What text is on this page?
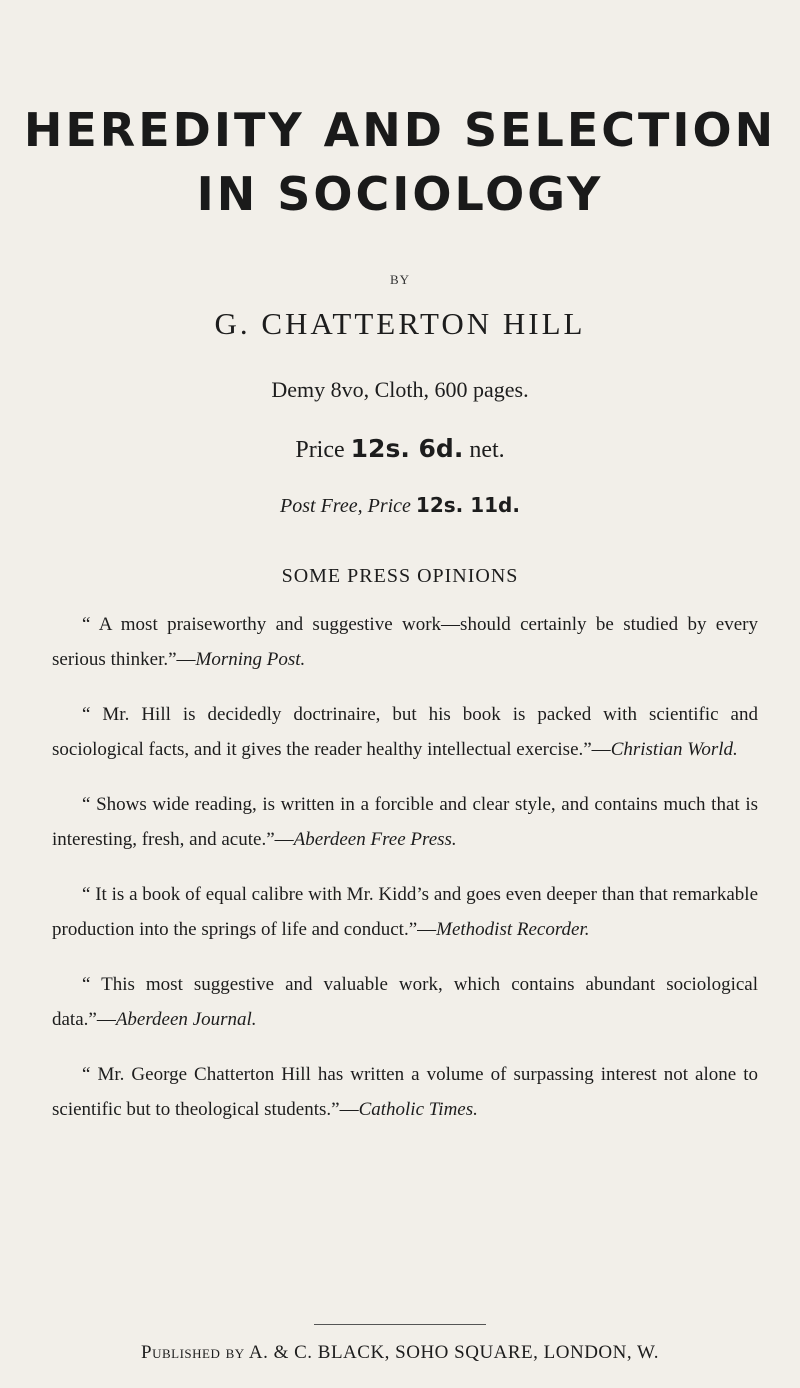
HEREDITY AND SELECTION
IN SOCIOLOGY
BY
G. CHATTERTON HILL
Demy 8vo, Cloth, 600 pages.
Price 12s. 6d. net.
Post Free, Price 12s. 11d.
SOME PRESS OPINIONS

“ A most praiseworthy and suggestive work—should certainly be studied by every serious thinker.”—Morning Post.

“ Mr. Hill is decidedly doctrinaire, but his book is packed with scientific and sociological facts, and it gives the reader healthy intellectual exercise.”—Christian World.

“ Shows wide reading, is written in a forcible and clear style, and contains much that is interesting, fresh, and acute.”—Aberdeen Free Press.

“ It is a book of equal calibre with Mr. Kidd’s and goes even deeper than that remarkable production into the springs of life and conduct.”—Methodist Recorder.

“ This most suggestive and valuable work, which contains abundant sociological data.”—Aberdeen Journal.

“ Mr. George Chatterton Hill has written a volume of surpassing interest not alone to scientific but to theological students.”—Catholic Times.

Published by A. & C. BLACK, SOHO SQUARE, LONDON, W.
